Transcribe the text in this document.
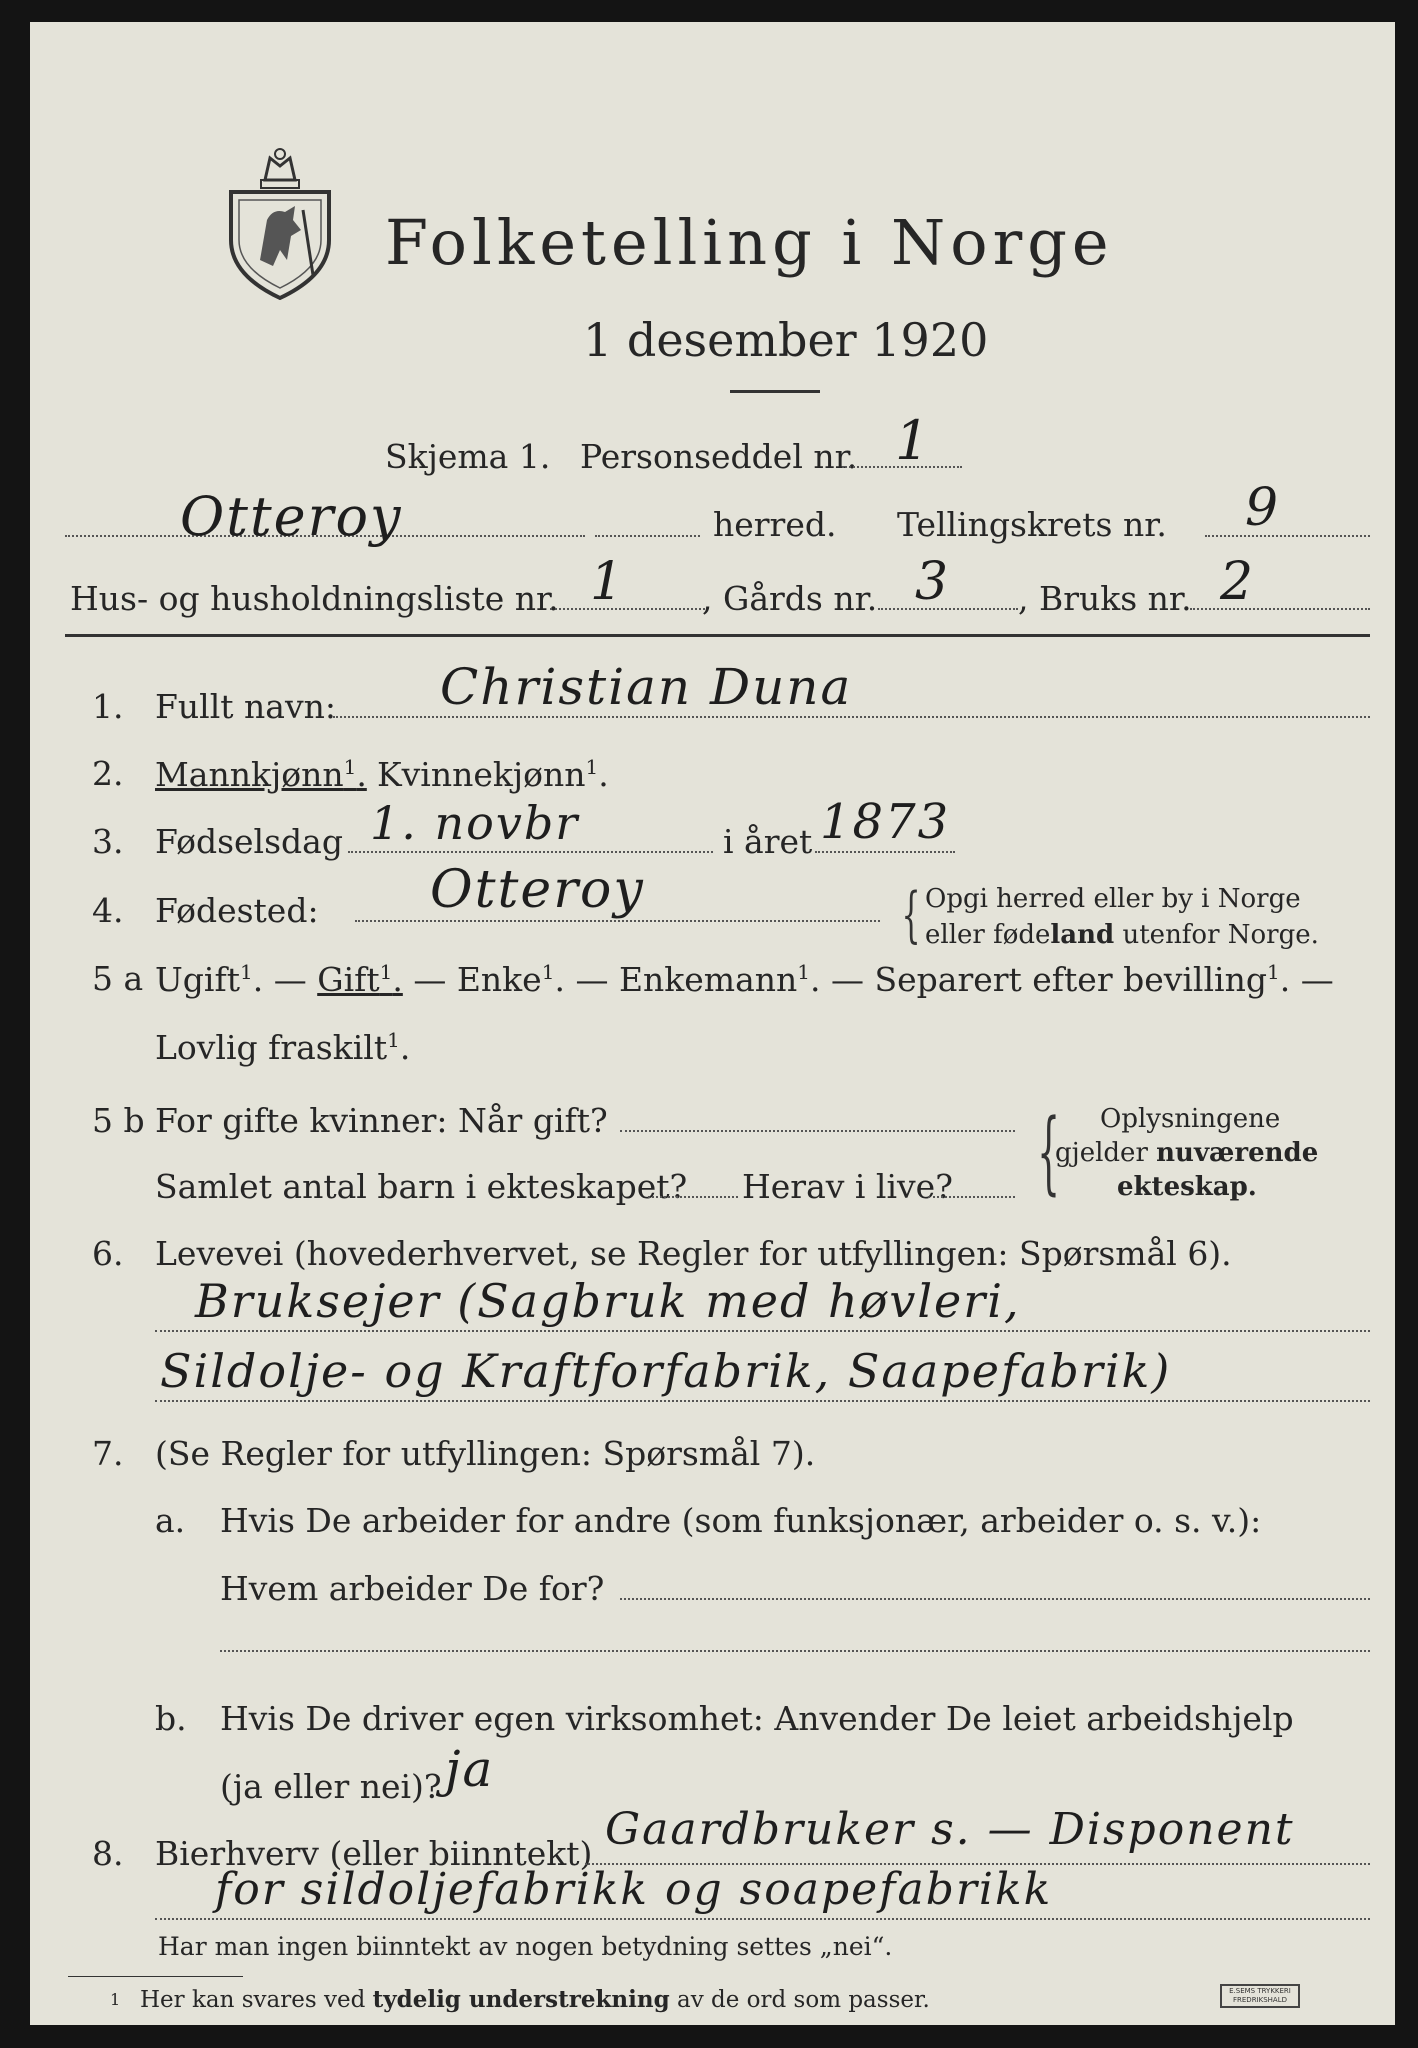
Folketelling i Norge
1 desember 1920
Skjema 1. Personseddel nr. 1
Otteroy	herred. Tellingskrets nr. 9
Hus- og husholdningsliste nr. 1 , Gårds nr. 3 , Bruks nr. 2
1. Fullt navn: Christian Duna
2. Mannkjønn$^1$. Kvinnekjønn$^1$.
3. Fødselsdag 1. novbr	i året 1873
4. Fødested: Otteroy	{ Opgi herred eller by i Norge
eller fødeland utenfor Norge.
5 a Ugift$^1$. — Gift$^1$. — Enke$^1$. — Enkemann$^1$. — Separert efter bevilling$^1$. —
Lovlig fraskilt$^1$.
5 b For gifte kvinner: Når gift?
Samlet antal barn i ekteskapet? Herav i live? { Oplysningene
gjelder nuværende
ekteskap.
6. Levevei (hovederhvervet, se Regler for utfyllingen: Spørsmål 6).
Bruksejer (Sagbruk med høvleri,
Sildolje- og Kraftforfabrik, Saapefabrik)
7. (Se Regler for utfyllingen: Spørsmål 7).
a. Hvis De arbeider for andre (som funksjonær, arbeider o. s. v.):
Hvem arbeider De for?
b. Hvis De driver egen virksomhet: Anvender De leiet arbeidshjelp
(ja eller nei)? ja
8. Bierhverv (eller biinntekt) Gaardbruker s. — Disponent
for sildoljefabrikk og soapefabrikk
Har man ingen biinntekt av nogen betydning settes „nei“.
1 Her kan svares ved tydelig understrekning av de ord som passer.	E.SEMS TRYKKERI
FREDRIKSHALD
